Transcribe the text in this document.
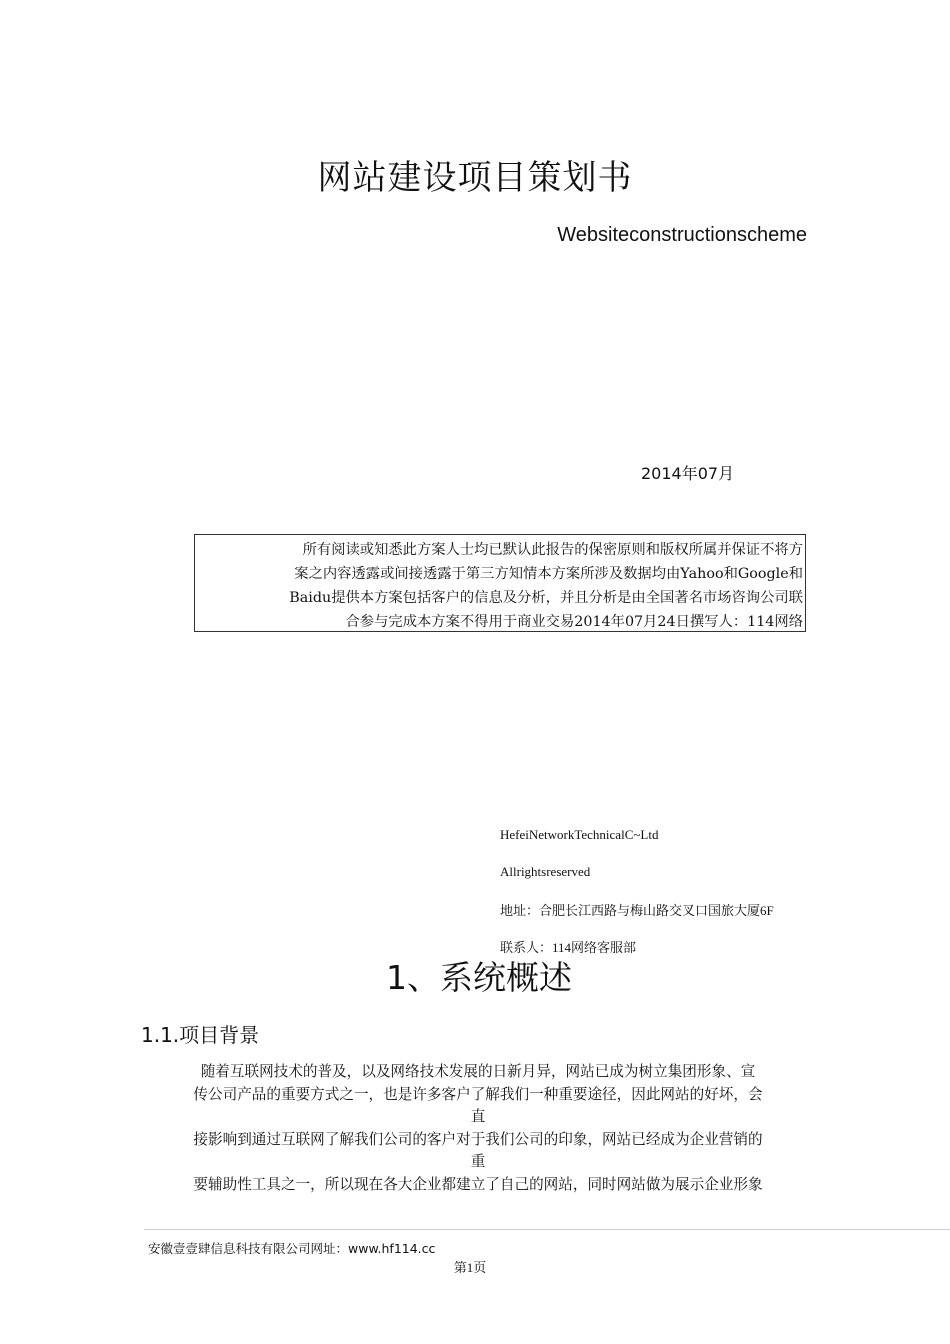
网站建设项目策划书
Websiteconstructionscheme
2014年07月
所有阅读或知悉此方案人士均已默认此报告的保密原则和版权所属并保证不将方
案之内容透露或间接透露于第三方知情本方案所涉及数据均由Yahoo和Google和
Baidu提供本方案包括客户的信息及分析，并且分析是由全国著名市场咨询公司联
合参与完成本方案不得用于商业交易2014年07月24日撰写人：114网络
HefeiNetworkTechnicalC~Ltd
Allrightsreserved
地址：合肥长江西路与梅山路交叉口国旅大厦6F
联系人：114网络客服部
1、系统概述
1.1.项目背景
随着互联网技术的普及，以及网络技术发展的日新月异，网站已成为树立集团形象、宣
传公司产品的重要方式之一，也是许多客户了解我们一种重要途径，因此网站的好坏，会
直
接影响到通过互联网了解我们公司的客户对于我们公司的印象，网站已经成为企业营销的
重
要辅助性工具之一，所以现在各大企业都建立了自己的网站，同时网站做为展示企业形象
安徽壹壹肆信息科技有限公司网址：www.hf114.cc
第1页
